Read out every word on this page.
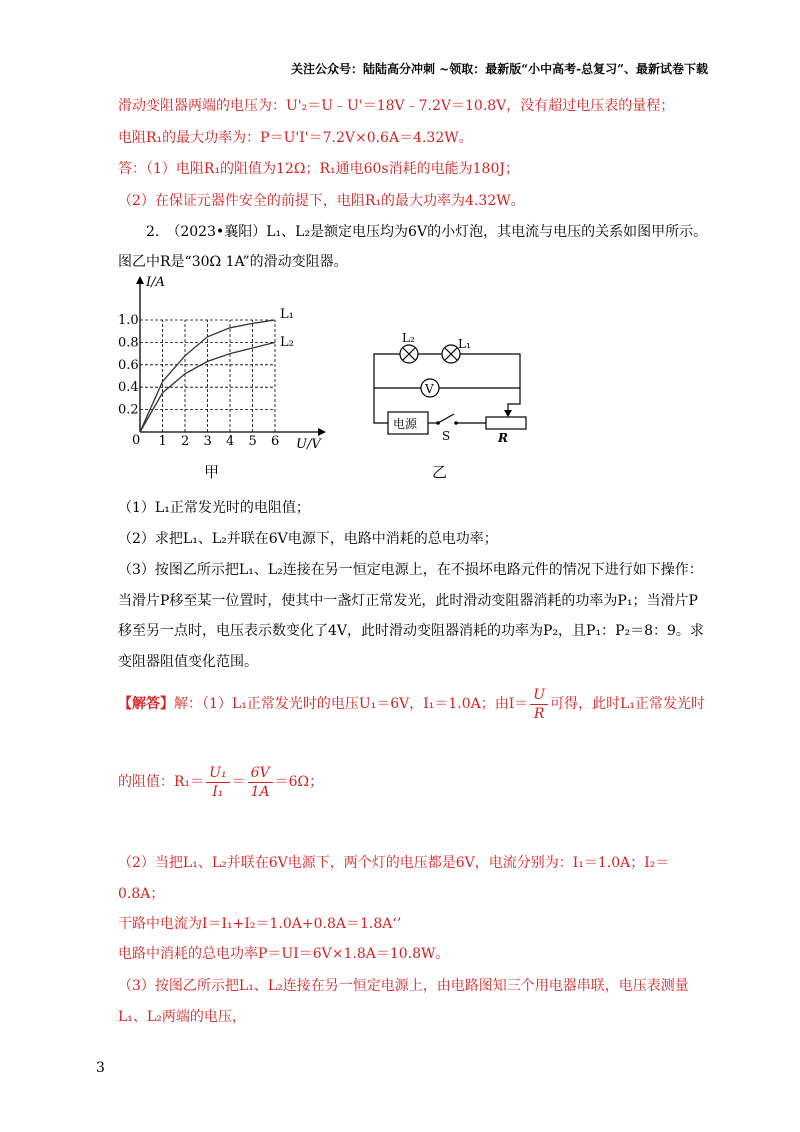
关注公众号：陆陆高分冲刺 ~领取：最新版“小中高考-总复习”、最新试卷下载
滑动变阻器两端的电压为：U'₂＝U﹣U'＝18V﹣7.2V＝10.8V，没有超过电压表的量程；
电阻R₁的最大功率为：P＝U'I'＝7.2V×0.6A＝4.32W。
答：（1）电阻R₁的阻值为12Ω；R₁通电60s消耗的电能为180J；
（2）在保证元器件安全的前提下，电阻R₁的最大功率为4.32W。
2.　（2023•襄阳）L₁、L₂是额定电压均为6V的小灯泡，其电流与电压的关系如图甲所示。
图乙中R是“30Ω 1A”的滑动变阻器。
1 2 3 4 5 6
0.2
0.4
0.6
0.8
1.0
I/A
U/V
0
L₁
L₂
甲
V
电源
S	R
L₂	L₁
乙
（1）L₁正常发光时的电阻值；
（2）求把L₁、L₂并联在6V电源下，电路中消耗的总电功率；
（3）按图乙所示把L₁、L₂连接在另一恒定电源上，在不损坏电路元件的情况下进行如下操作：
当滑片P移至某一位置时，使其中一盏灯正常发光，此时滑动变阻器消耗的功率为P₁；当滑片P
移至另一点时，电压表示数变化了4V，此时滑动变阻器消耗的功率为P₂，且P₁：P₂＝8：9。求
变阻器阻值变化范围。
【解答】解：（1）L₁正常发光时的电压U₁＝6V，I₁＝1.0A；由$I= \frac{U}{R}$ 可得，此时L₁正常发光时
的阻值：$R_1= \frac{\text{U₁}}{\text{I₁}} = \frac{6V}{1A} =6\Omega$；
（2）当把L₁、L₂并联在6V电源下，两个灯的电压都是6V，电流分别为：I₁＝1.0A；I₂＝
0.8A；
干路中电流为I＝I₁+I₂＝1.0A+0.8A＝1.8A‘’
电路中消耗的总电功率P＝UI＝6V×1.8A＝10.8W。
（3）按图乙所示把L₁、L₂连接在另一恒定电源上，由电路图知三个用电器串联，电压表测量
L₁、L₂两端的电压，
3
